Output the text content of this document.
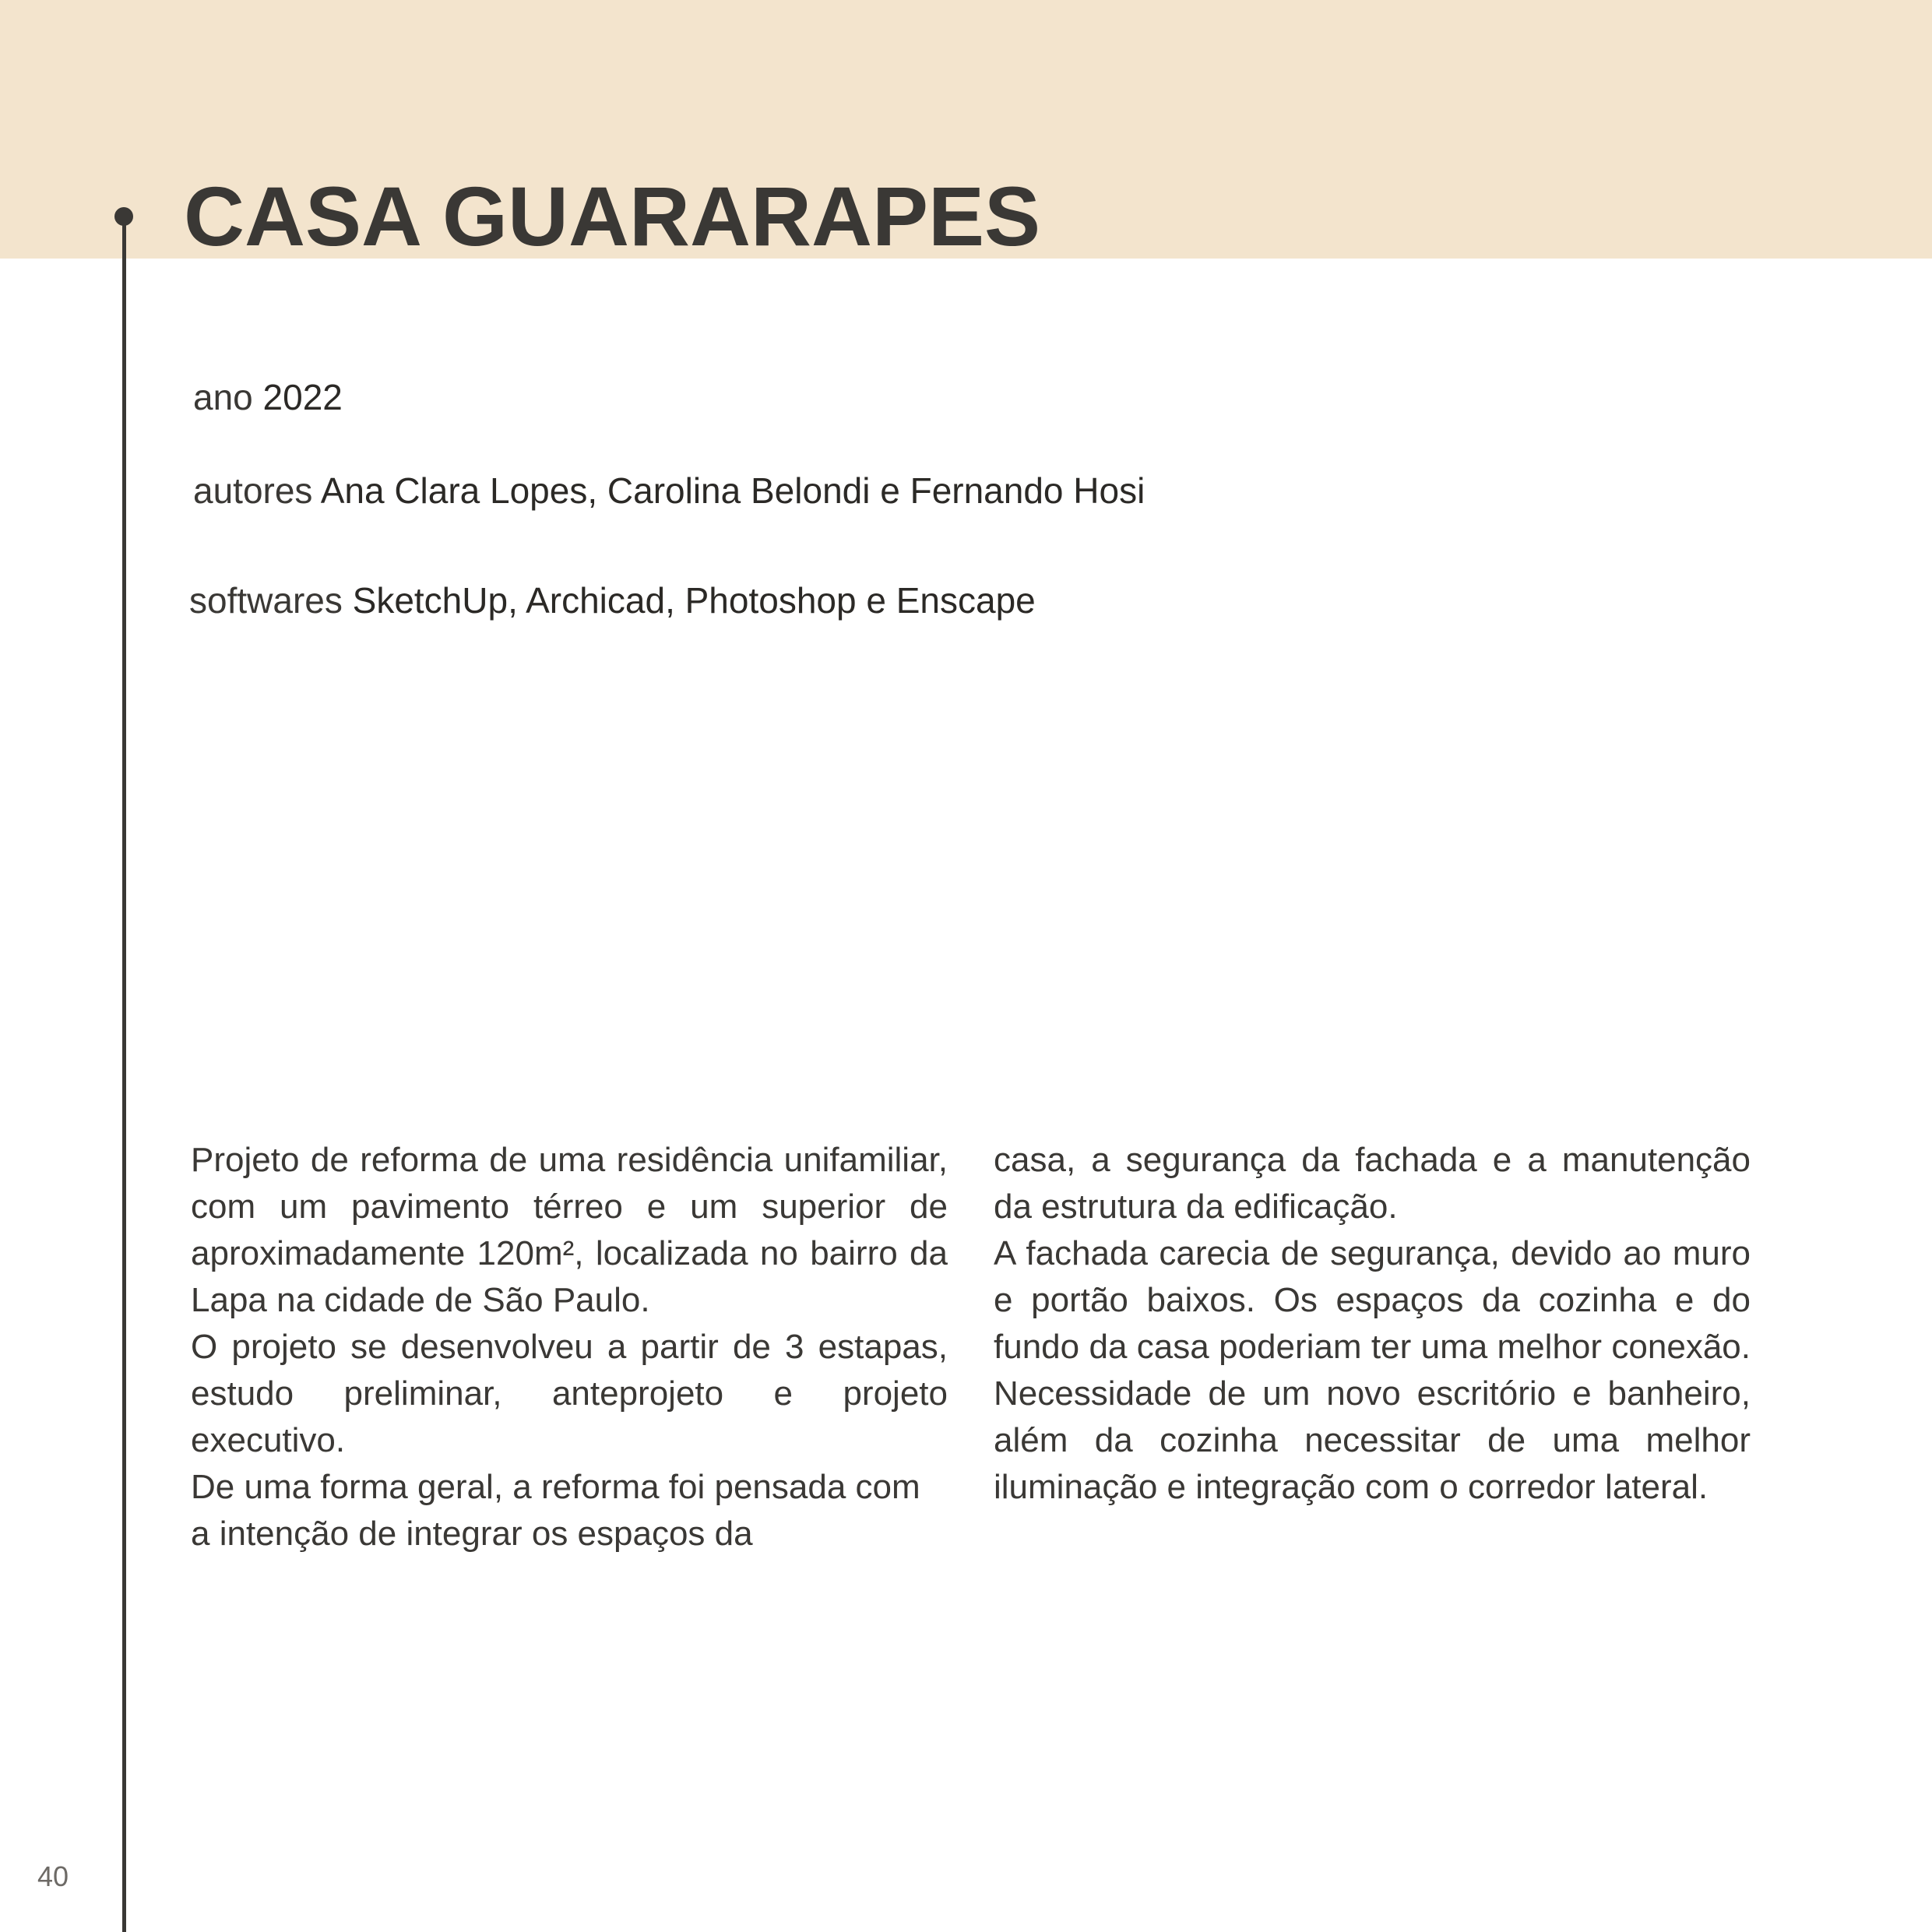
CASA GUARARAPES
ano 2022
autores Ana Clara Lopes, Carolina Belondi e Fernando Hosi
softwares SketchUp, Archicad, Photoshop e Enscape

Projeto de reforma de uma residência unifamiliar, com um pavimento térreo e um superior de aproximadamente 120m², localizada no bairro da Lapa na cidade de São Paulo.

O projeto se desenvolveu a partir de 3 estapas, estudo preliminar, anteprojeto e projeto executivo.

De uma forma geral, a reforma foi pensada com a intenção de integrar os espaços da

casa, a segurança da fachada e a manutenção da estrutura da edificação.

A fachada carecia de segurança, devido ao muro e portão baixos. Os espaços da cozinha e do fundo da casa poderiam ter uma melhor conexão. Necessidade de um novo escritório e banheiro, além da cozinha necessitar de uma melhor iluminação e integração com o corredor lateral.

40
